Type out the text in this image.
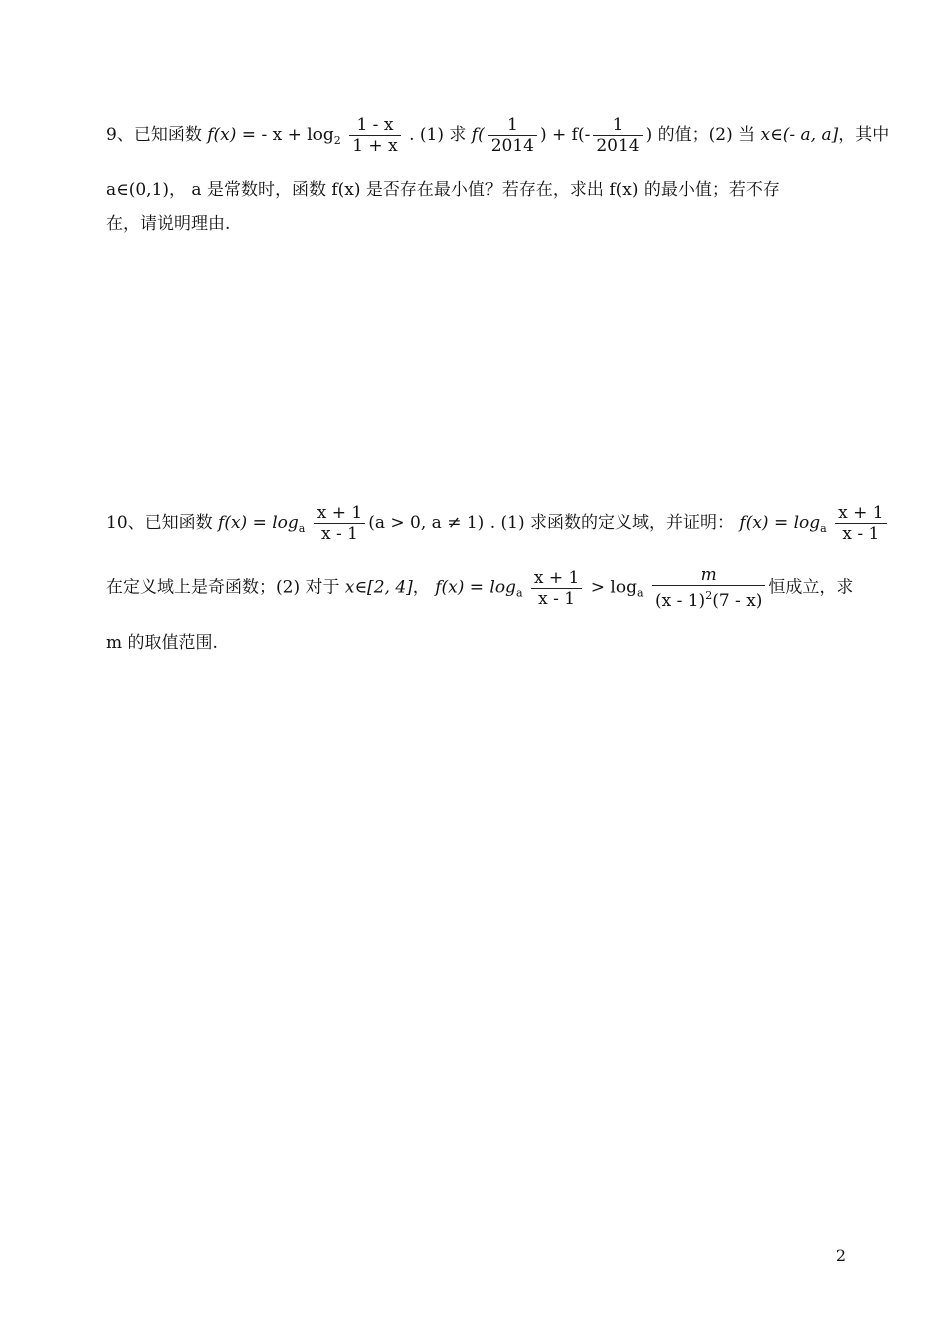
9、已知函数 f(x) = - $x + \log_2 \frac{1 - x}{1 + x}$ . (1) 求 $f( \frac{1}{2014}$ ) + $f(- \frac{1}{2014}$ ) 的值；(2) 当 x∈(- a, a]，其中
a∈(0,1)， a 是常数时，函数 f(x) 是否存在最小值？若存在，求出 f(x) 的最小值；若不存
在，请说明理由.
10、已知函数 $f(x) = \log_a \frac{x + 1}{x - 1} (a > 0$, a ≠ 1) . (1) 求函数的定义域，并证明： $f(x) = \log_a \frac{x + 1}{x - 1}$
在定义域上是奇函数；(2) 对于 x∈[2, 4]， $f(x) = \log_a \frac{x + 1}{x - 1} > \log_a \frac{m}{(x - 1)^2(7 - x)}$ 恒成立，求
m 的取值范围.
2
